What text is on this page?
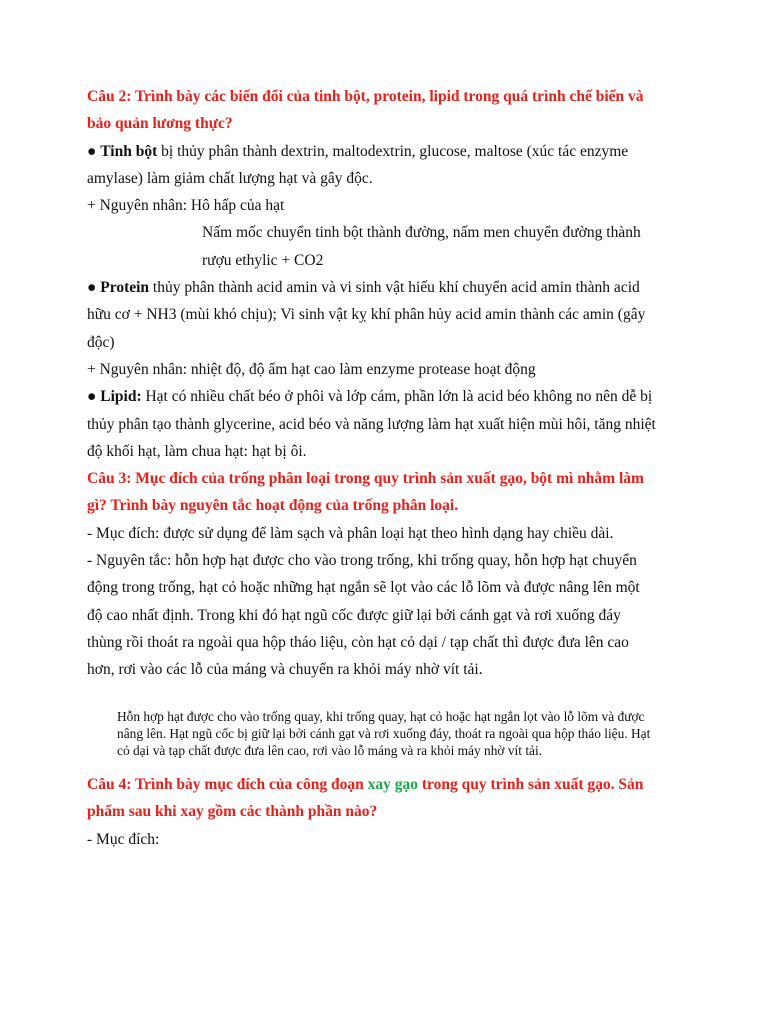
Câu 2: Trình bày các biến đổi của tinh bột, protein, lipid trong quá trình chế biến và bảo quản lương thực?

● Tinh bột bị thủy phân thành dextrin, maltodextrin, glucose, maltose (xúc tác enzyme amylase) làm giảm chất lượng hạt và gây độc.

+ Nguyên nhân: Hô hấp của hạt

Nấm mốc chuyển tinh bột thành đường, nấm men chuyển đường thành rượu ethylic + CO2

● Protein thủy phân thành acid amin và vi sinh vật hiếu khí chuyển acid amin thành acid hữu cơ + NH3 (mùi khó chịu); Vi sinh vật kỵ khí phân hủy acid amin thành các amin (gây độc)

+ Nguyên nhân: nhiệt độ, độ ẩm hạt cao làm enzyme protease hoạt động

● Lipid: Hạt có nhiều chất béo ở phôi và lớp cám, phần lớn là acid béo không no nên dễ bị thủy phân tạo thành glycerine, acid béo và năng lượng làm hạt xuất hiện mùi hôi, tăng nhiệt độ khối hạt, làm chua hạt: hạt bị ôi.

Câu 3: Mục đích của trống phân loại trong quy trình sản xuất gạo, bột mì nhằm làm gì? Trình bày nguyên tắc hoạt động của trống phân loại.

- Mục đích: được sử dụng để làm sạch và phân loại hạt theo hình dạng hay chiều dài.

- Nguyên tắc: hỗn hợp hạt được cho vào trong trống, khi trống quay, hỗn hợp hạt chuyển động trong trống, hạt cỏ hoặc những hạt ngắn sẽ lọt vào các lỗ lõm và được nâng lên một độ cao nhất định. Trong khi đó hạt ngũ cốc được giữ lại bởi cánh gạt và rơi xuống đáy thùng rồi thoát ra ngoài qua hộp tháo liệu, còn hạt cỏ dại / tạp chất thì được đưa lên cao hơn, rơi vào các lỗ của máng và chuyển ra khỏi máy nhờ vít tải.

Hỗn hợp hạt được cho vào trống quay, khi trống quay, hạt cỏ hoặc hạt ngắn lọt vào lỗ lõm và được nâng lên. Hạt ngũ cốc bị giữ lại bởi cánh gạt và rơi xuống đáy, thoát ra ngoài qua hộp tháo liệu. Hạt cỏ dại và tạp chất được đưa lên cao, rơi vào lỗ máng và ra khỏi máy nhờ vít tải.

Câu 4: Trình bày mục đích của công đoạn xay gạo trong quy trình sản xuất gạo. Sản phẩm sau khi xay gồm các thành phần nào?

- Mục đích:
